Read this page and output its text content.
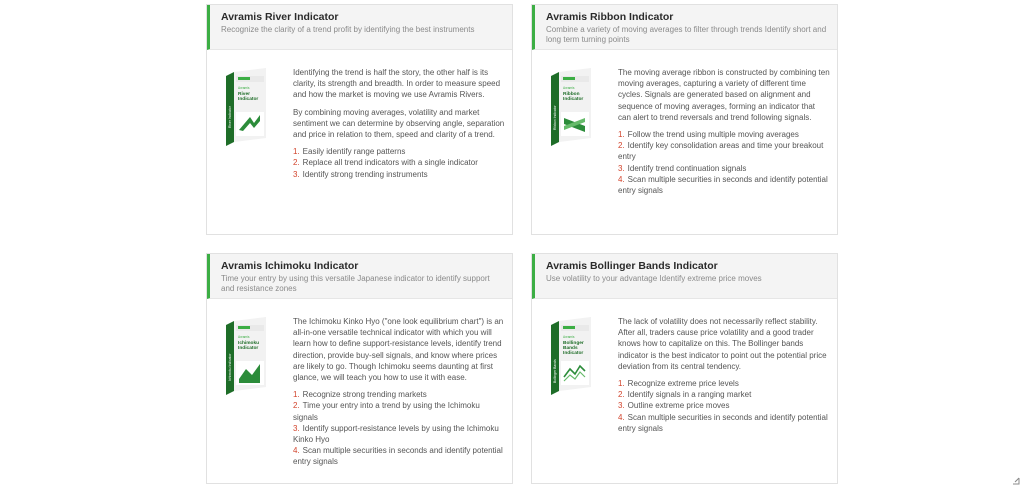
Avramis River Indicator
Recognize the clarity of a trend profit by identifying the best instruments
Avramis
River
Indicator
River Indicator

Identifying the trend is half the story, the other half is its clarity, its strength and breadth. In order to measure speed and how the market is moving we use Avramis Rivers.

By combining moving averages, volatility and market sentiment we can determine by observing angle, separation and price in relation to them, speed and clarity of a trend.

1. Easily identify range patterns
2. Replace all trend indicators with a single indicator
3. Identify strong trending instruments
Avramis Ribbon Indicator
Combine a variety of moving averages to filter through trends Identify short and long term turning points
Avramis
Ribbon
Indicator
Ribbon Indicator

The moving average ribbon is constructed by combining ten moving averages, capturing a variety of different time cycles. Signals are generated based on alignment and sequence of moving averages, forming an indicator that can alert to trend reversals and trend following signals.

1. Follow the trend using multiple moving averages
2. Identify key consolidation areas and time your breakout entry
3. Identify trend continuation signals
4. Scan multiple securities in seconds and identify potential entry signals
Avramis Ichimoku Indicator
Time your entry by using this versatile Japanese indicator to identify support and resistance zones
Avramis
Ichimoku
Indicator
Ichimoku Indicator

The Ichimoku Kinko Hyo ("one look equilibrium chart") is an all-in-one versatile technical indicator with which you will learn how to define support-resistance levels, identify trend direction, provide buy-sell signals, and know where prices are likely to go. Though Ichimoku seems daunting at first glance, we will teach you how to use it with ease.

1. Recognize strong trending markets
2. Time your entry into a trend by using the Ichimoku signals
3. Identify support-resistance levels by using the Ichimoku Kinko Hyo
4. Scan multiple securities in seconds and identify potential entry signals
Avramis Bollinger Bands Indicator
Use volatility to your advantage Identify extreme price moves
Avramis
Bollinger
Bands
Indicator
Bollinger Bands

The lack of volatility does not necessarily reflect stability. After all, traders cause price volatility and a good trader knows how to capitalize on this. The Bollinger bands indicator is the best indicator to point out the potential price deviation from its central tendency.

1. Recognize extreme price levels
2. Identify signals in a ranging market
3. Outline extreme price moves
4. Scan multiple securities in seconds and identify potential entry signals
